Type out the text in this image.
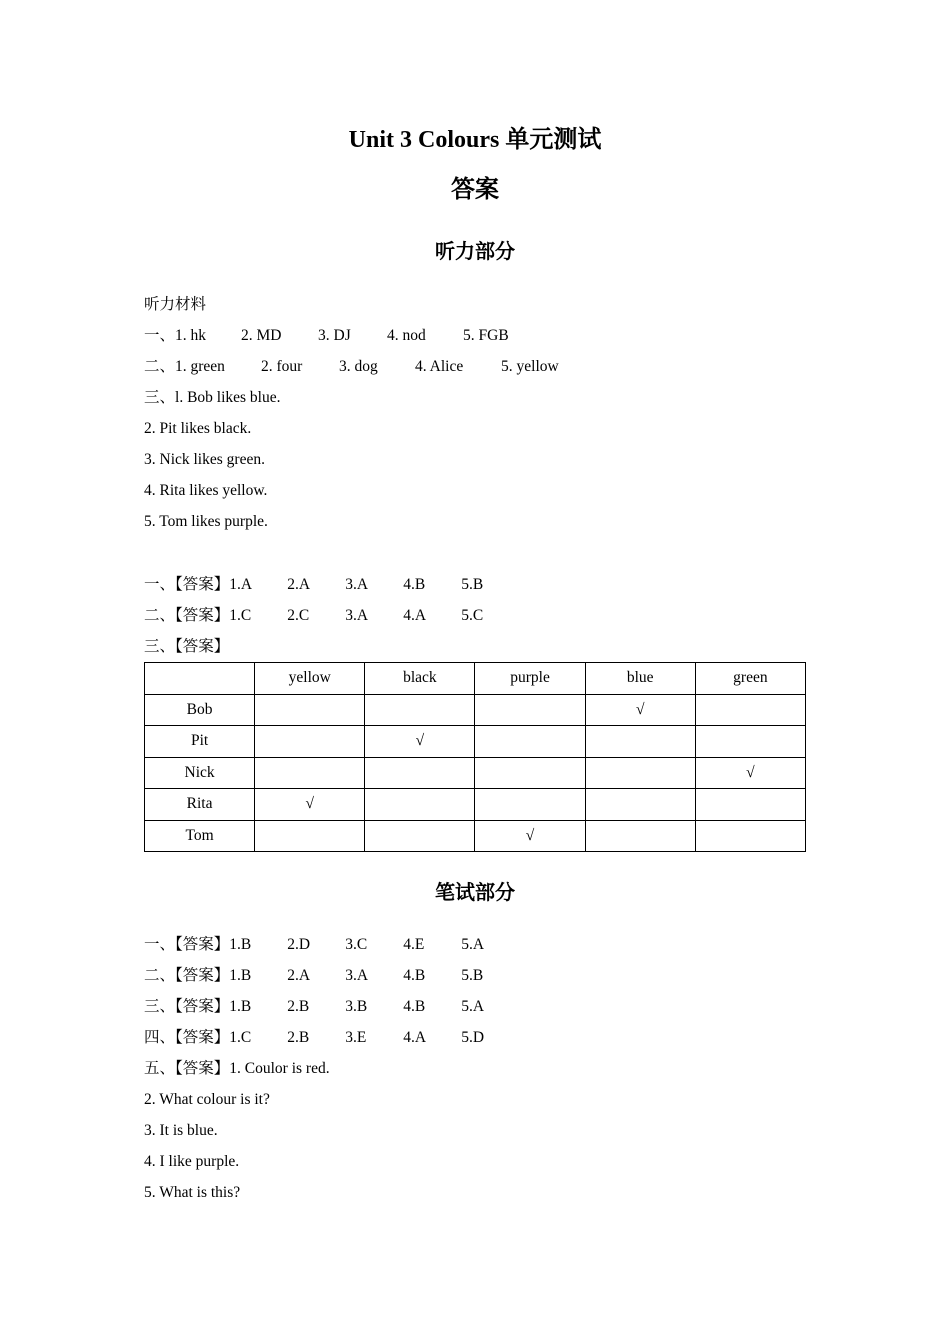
Unit 3 Colours 单元测试
答案
听力部分
听力材料
一、1. hk 2. MD 3. DJ 4. nod 5. FGB
二、1. green 2. four 3. dog 4. Alice 5. yellow
三、l. Bob likes blue.
2. Pit likes black.
3. Nick likes green.
4. Rita likes yellow.
5. Tom likes purple.
一、【答案】1.A 2.A 3.A 4.B 5.B
二、【答案】1.C 2.C 3.A 4.A 5.C
三、【答案】
	yellow	black	purple	blue	green
Bob				√	
Pit		√			
Nick					√
Rita	√				
Tom			√		
笔试部分
一、【答案】1.B 2.D 3.C 4.E 5.A
二、【答案】1.B 2.A 3.A 4.B 5.B
三、【答案】1.B 2.B 3.B 4.B 5.A
四、【答案】1.C 2.B 3.E 4.A 5.D
五、【答案】1. Coulor is red.
2. What colour is it?
3. It is blue.
4. I like purple.
5. What is this?
